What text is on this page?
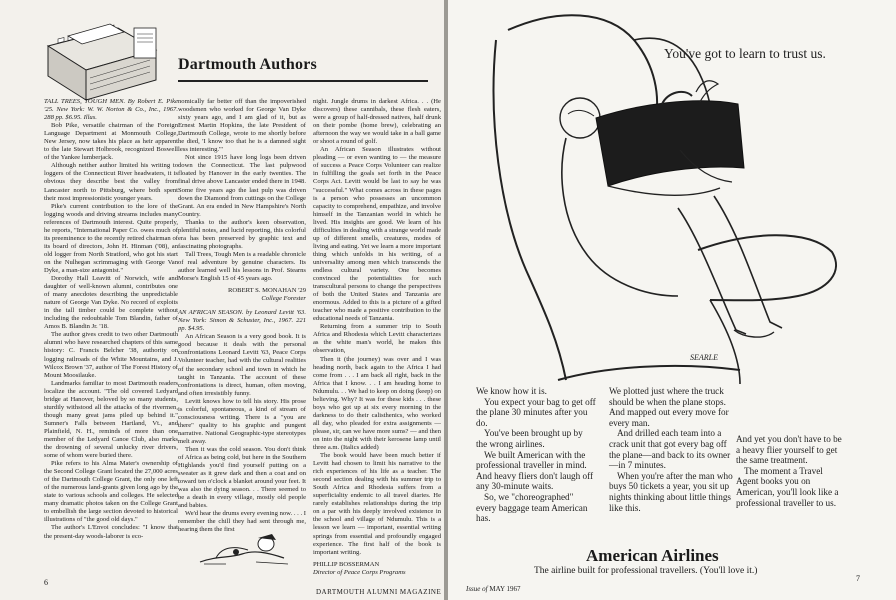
Dartmouth Authors

TALL TREES, TOUGH MEN. By Robert E. Pike '25. New York: W. W. Norton & Co., Inc., 1967. 288 pp. $6.95. Illus.

Bob Pike, versatile chairman of the Foreign Language Department at Monmouth College, New Jersey, now takes his place as heir apparent to the late Stewart Holbrook, recognized Boswell of the Yankee lumberjack.

Although neither author limited his writing to loggers of the Connecticut River headwaters, it is obvious they describe best the valley from Lancaster north to Pittsburg, where both spent their most impressionistic younger years.

Pike's current contribution to the lore of the logging woods and driving streams includes many references of Dartmouth interest. Quite properly, he reports, "International Paper Co. owes much of its preeminence to the recently retired chairman of its board of directors, John H. Hinman ('08), an old logger from North Stratford, who got his start on the Nulhegan scrimmaging with George Van Dyke, a man-size antagonist."

Dorothy Hall Leavitt of Norwich, wife and daughter of well-known alumni, contributes one of many anecdotes describing the unpredictable nature of George Van Dyke. No record of exploits in the tall timber could be complete without including the redoubtable Tom Blandin, father of Amos B. Blandin Jr. '18.

The author gives credit to two other Dartmouth alumni who have researched chapters of this same history: C. Francis Belcher '38, authority on logging railroads of the White Mountains, and J. Wilcox Brown '37, author of The Forest History of Mount Moosilauke.

Landmarks familiar to most Dartmouth readers localize the account. "The old covered Ledyard bridge at Hanover, beloved by so many students, sturdily withstood all the attacks of the rivermen, though many great jams piled up behind it." Sumner's Falls between Hartland, Vt., and Plainfield, N. H., reminds of more than one member of the Ledyard Canoe Club, also marks the drowning of several unlucky river drivers, some of whom were buried there.

Pike refers to his Alma Mater's ownership of the Second College Grant located the 27,000 acres of the Dartmouth College Grant, the only one left of the numerous land-grants given long ago by the state to various schools and colleges. He selected many dramatic photos taken on the College Grant to embellish the large section devoted to historical illustrations of "the good old days."

The author's L'Envoi concludes: "I know that the present-day woods-laborer is eco-

nomically far better off than the impoverished woodsmen who worked for George Van Dyke sixty years ago, and I am glad of it, but as Ernest Martin Hopkins, the late President of Dartmouth College, wrote to me shortly before he died, 'I know too that he is a damned sight less interesting.'"

Not since 1915 have long logs been driven down the Connecticut. The last pulpwood floated by Hanover in the early twenties. The final drive above Lancaster ended there in 1948. Some five years ago the last pulp was driven down the Diamond from cuttings on the College Grant. An era ended in New Hampshire's North Country.

Thanks to the author's keen observation, plentiful notes, and lucid reporting, this colorful era has been preserved by graphic text and fascinating photographs.

Tall Trees, Tough Men is a readable chronicle of real adventure by genuine characters. Its author learned well his lessons in Prof. Stearns Morse's English 15 of 45 years ago.

ROBERT S. MONAHAN '29

College Forester

AN AFRICAN SEASON. by Leonard Levitt '63. New York: Simon & Schuster, Inc., 1967. 221 pp. $4.95.

An African Season is a very good book. It is good because it deals with the personal confrontations Leonard Levitt '63, Peace Corps Volunteer teacher, had with the cultural realities of the secondary school and town in which he taught in Tanzania. The account of these confrontations is direct, human, often moving, and often irresistibly funny.

Levitt knows how to tell his story. His prose is colorful, spontaneous, a kind of stream of consciousness writing. There is a "you are there" quality to his graphic and pungent narrative. National Geographic-type stereotypes melt away.

Then it was the cold season. You don't think of Africa as being cold, but here in the Southern Highlands you'd find yourself putting on a sweater as it grew dark and then a coat and on toward ten o'clock a blanket around your feet. It was also the dying season. . . There seemed to be a death in every village, mostly old people and babies.

We'd hear the drums every evening now. . . . I remember the chill they had sent through me, hearing them the first

night. Jungle drums in darkest Africa. . . (He discovers) these cannibals, these flesh eaters, were a group of half-dressed natives, half drunk on their pombe (home brew), celebrating an afternoon the way we would take in a ball game or shoot a round of golf.

An African Season illustrates without pleading — or even wanting to — the measure of success a Peace Corps Volunteer can realize in fulfilling the goals set forth in the Peace Corps Act. Levitt would be last to say he was "successful." What comes across in these pages is a person who possesses an uncommon capacity to comprehend, empathize, and involve himself in the Tanzanian world in which he lived. His insights are good. We learn of his difficulties in dealing with a strange world made up of different smells, creatures, modes of living and eating. Yet we learn a more important thing which unfolds in his writing, of a universality among men which transcends the endless cultural variety. One becomes convinced the potentialities for such transcultural persons to change the perspectives of both the United States and Tanzania are enormous. Added to this is a picture of a gifted teacher who made a positive contribution to the educational needs of Tanzania.

Returning from a summer trip to South Africa and Rhodesia which Levitt characterizes as the white man's world, he makes this observation,

Then it (the journey) was over and I was heading north, back again to the Africa I had come from . . . I am back all right, back in the Africa that I know. . . I am heading home to Ndumulu. . . We had to keep on doing (keep) on believing. Why? It was for these kids . . . these boys who got up at six every morning in the darkness to do their calisthenics, who worked all day, who pleaded for extra assignments — please, sir, can we have more sums? — and then on into the night with their kerosene lamp until three a.m. (Italics added)

The book would have been much better if Levitt had chosen to limit his narrative to the rich experiences of his life as a teacher. The second section dealing with his summer trip to South Africa and Rhodesia suffers from a superficiality endemic to all travel diaries. He rarely establishes relationships during the trip on a par with his deeply involved existence in the school and village of Ndumulu. This is a lesson we learn — important, essential writing springs from essential and profoundly engaged experience. The first half of the book is important writing.

PHILLIP BOSSERMAN

Director of Peace Corps Programs

6
DARTMOUTH ALUMNI MAGAZINE
SEARLE
You've got to learn to trust us.

We know how it is.

You expect your bag to get off the plane 30 minutes after you do.

You've been brought up by the wrong airlines.

We built American with the professional traveller in mind. And heavy fliers don't laugh off any 30-minute waits.

So, we "choreographed" every baggage team American has.

We plotted just where the truck should be when the plane stops. And mapped out every move for every man.

And drilled each team into a crack unit that got every bag off the plane—and back to its owner—in 7 minutes.

When you're after the man who buys 50 tickets a year, you sit up nights thinking about little things like this.

And yet you don't have to be a heavy flier yourself to get the same treatment.

The moment a Travel Agent books you on American, you'll look like a professional traveller to us.

American Airlines
The airline built for professional travellers. (You'll love it.)
Issue of MAY 1967
7
